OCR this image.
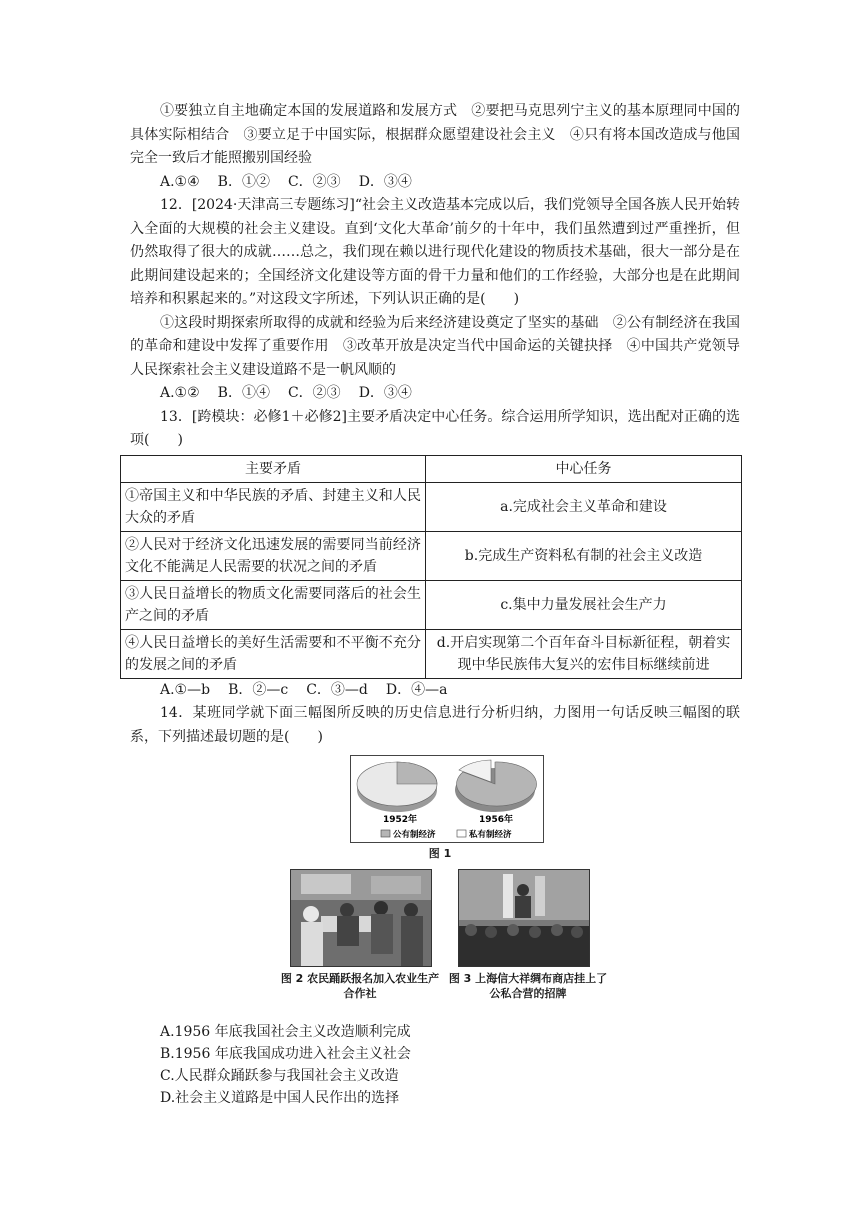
①要独立自主地确定本国的发展道路和发展方式　②要把马克思列宁主义的基本原理同中国的具体实际相结合　③要立足于中国实际，根据群众愿望建设社会主义　④只有将本国改造成与他国完全一致后才能照搬别国经验

A.①④ B．①② C．②③ D．③④

12．[2024·天津高三专题练习]“社会主义改造基本完成以后，我们党领导全国各族人民开始转入全面的大规模的社会主义建设。直到‘文化大革命’前夕的十年中，我们虽然遭到过严重挫折，但仍然取得了很大的成就……总之，我们现在赖以进行现代化建设的物质技术基础，很大一部分是在此期间建设起来的；全国经济文化建设等方面的骨干力量和他们的工作经验，大部分也是在此期间培养和积累起来的。”对这段文字所述，下列认识正确的是(　　)

①这段时期探索所取得的成就和经验为后来经济建设奠定了坚实的基础　②公有制经济在我国的革命和建设中发挥了重要作用　③改革开放是决定当代中国命运的关键抉择　④中国共产党领导人民探索社会主义建设道路不是一帆风顺的

A.①② B．①④ C．②③ D．③④

13．[跨模块：必修1＋必修2]主要矛盾决定中心任务。综合运用所学知识，选出配对正确的选项(　　)

主要矛盾	中心任务
①帝国主义和中华民族的矛盾、封建主义和人民大众的矛盾	a.完成社会主义革命和建设
②人民对于经济文化迅速发展的需要同当前经济文化不能满足人民需要的状况之间的矛盾	b.完成生产资料私有制的社会主义改造
③人民日益增长的物质文化需要同落后的社会生产之间的矛盾	c.集中力量发展社会生产力
④人民日益增长的美好生活需要和不平衡不充分的发展之间的矛盾	d.开启实现第二个百年奋斗目标新征程，朝着实现中华民族伟大复兴的宏伟目标继续前进

A.①—b B．②—c C．③—d D．④—a

14．某班同学就下面三幅图所反映的历史信息进行分析归纳，力图用一句话反映三幅图的联系，下列描述最切题的是(　　)

1952年	1956年
公有制经济	私有制经济
图 1
图 2 农民踊跃报名加入农业生产合作社
图 3 上海信大祥绸布商店挂上了公私合营的招牌

A.1956 年底我国社会主义改造顺利完成

B.1956 年底我国成功进入社会主义社会

C.人民群众踊跃参与我国社会主义改造

D.社会主义道路是中国人民作出的选择
